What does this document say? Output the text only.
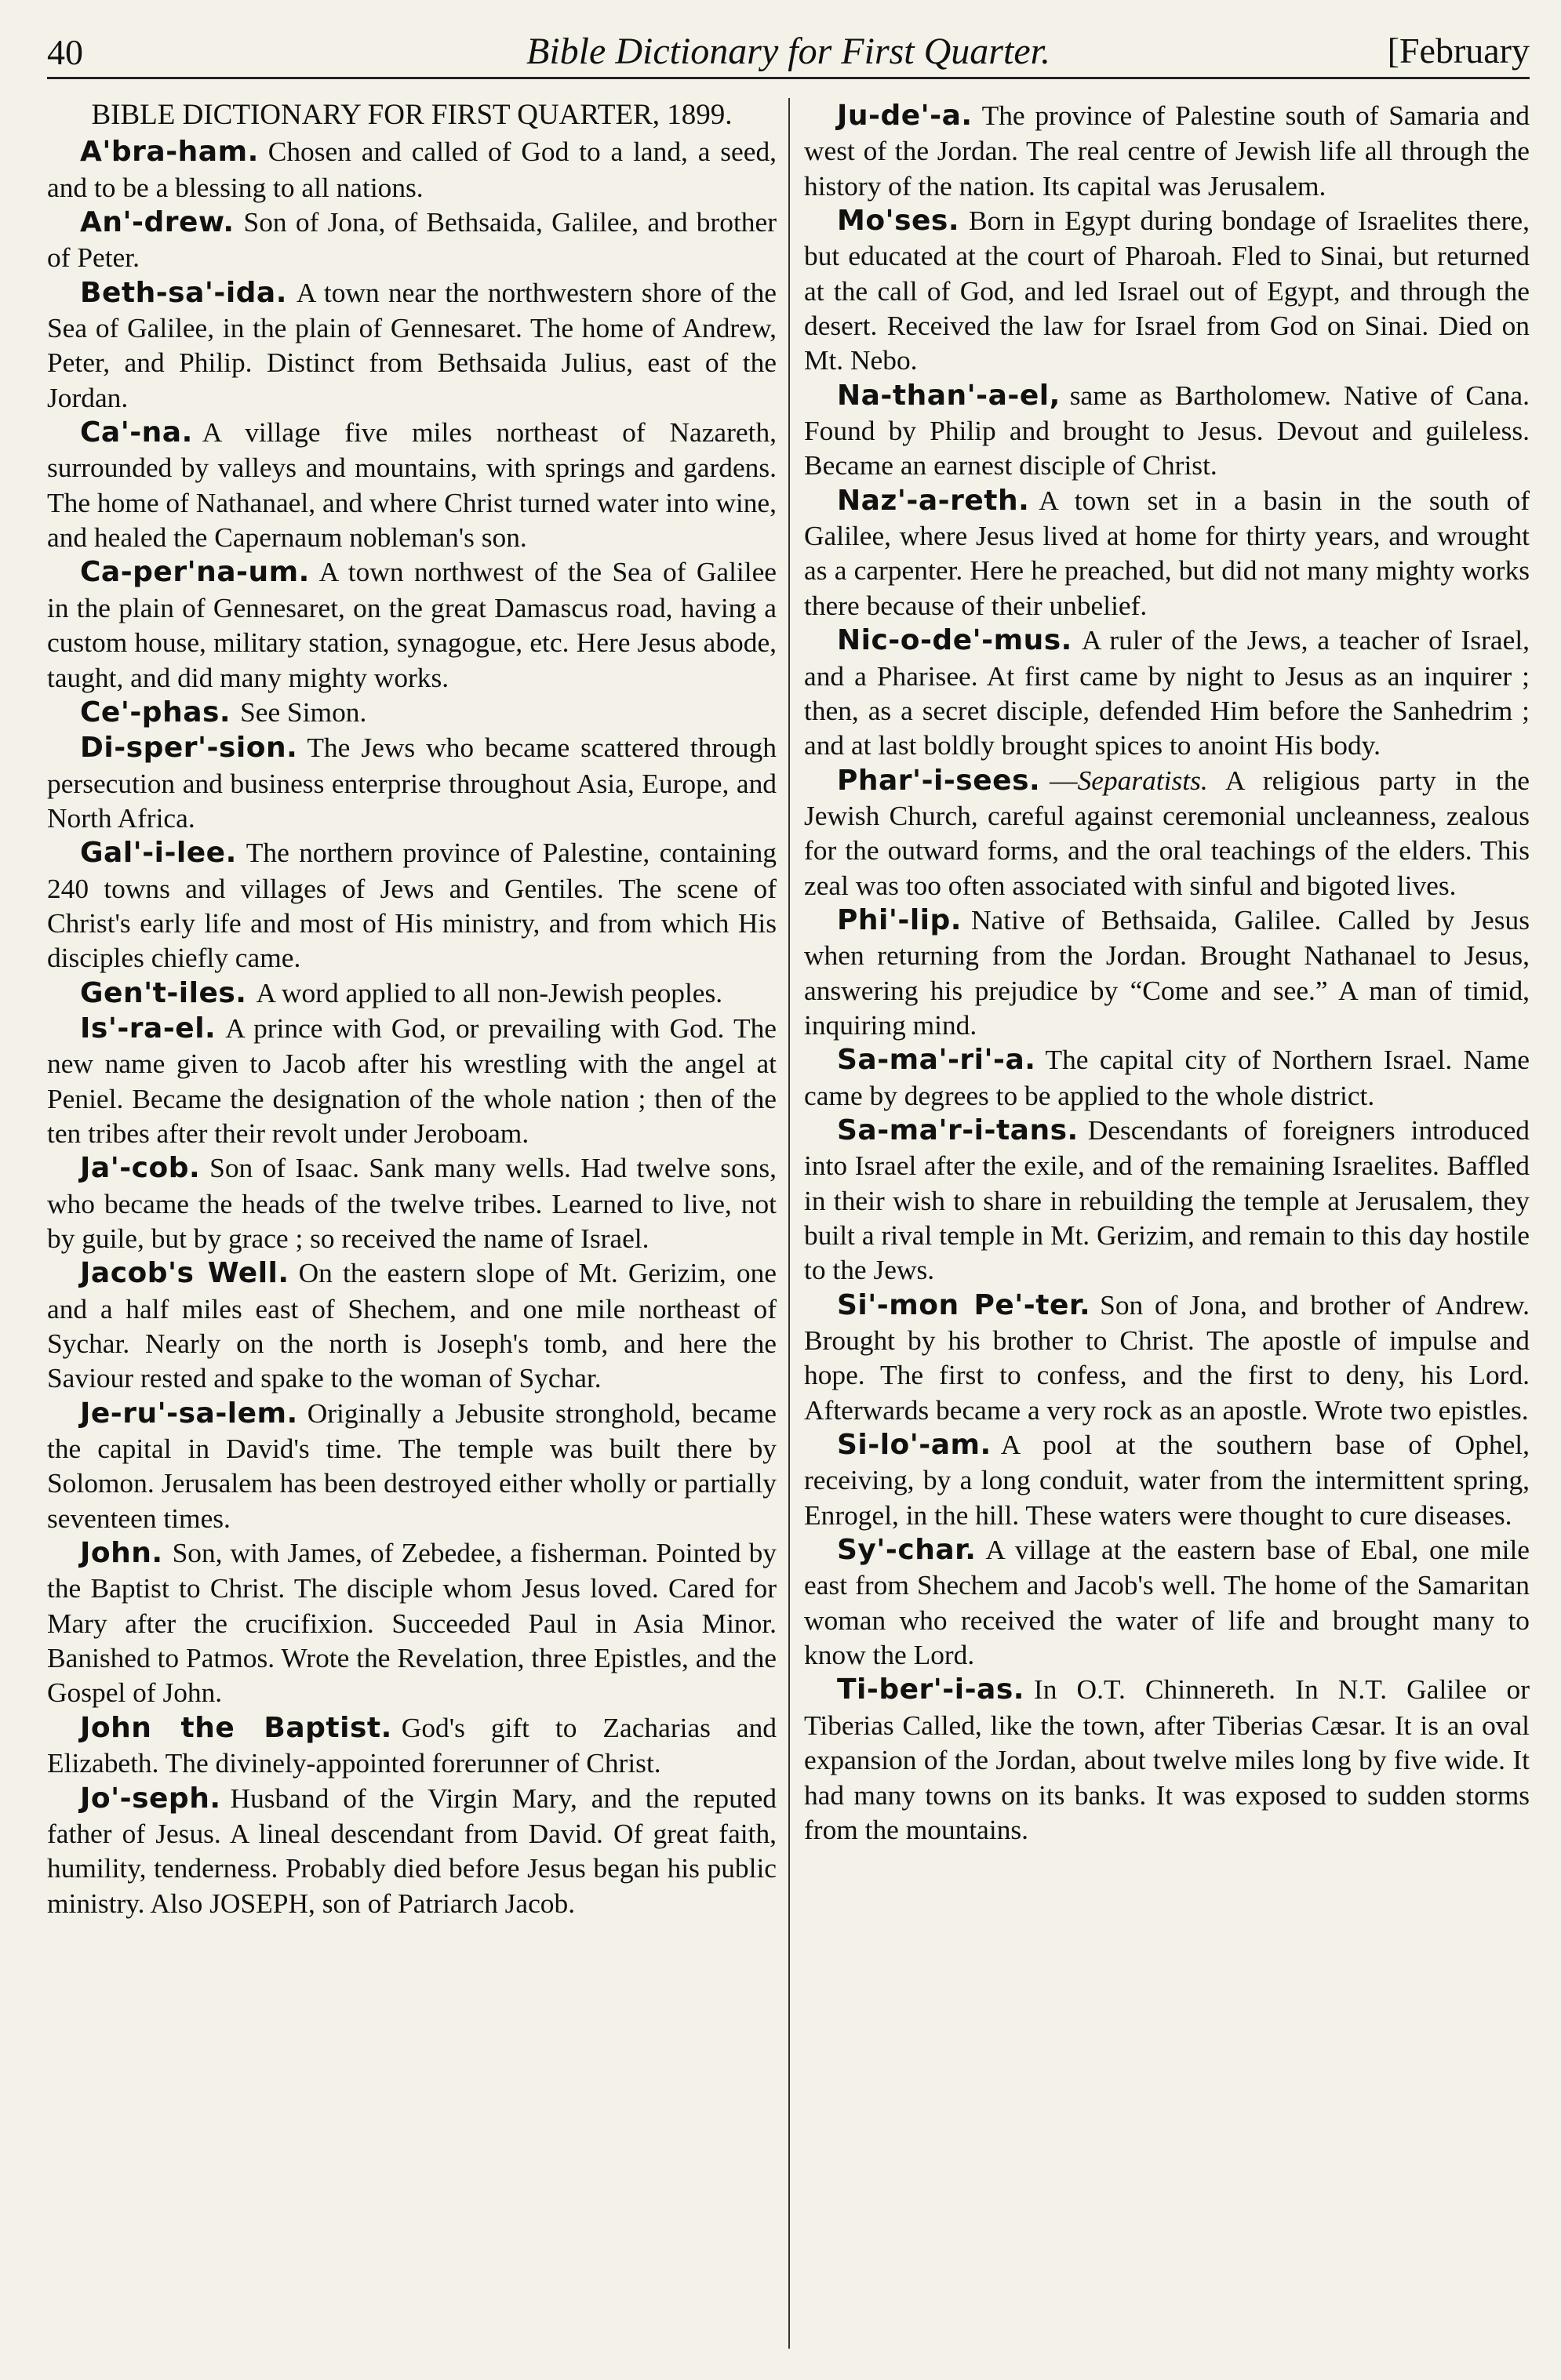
40	Bible Dictionary for First Quarter.	[February
BIBLE DICTIONARY FOR FIRST QUARTER, 1899.

A'bra-ham. Chosen and called of God to a land, a seed, and to be a blessing to all nations.

An'-drew. Son of Jona, of Bethsaida, Galilee, and brother of Peter.

Beth-sa'-ida. A town near the northwestern shore of the Sea of Galilee, in the plain of Gennesaret. The home of Andrew, Peter, and Philip. Distinct from Bethsaida Julius, east of the Jordan.

Ca'-na. A village five miles northeast of Nazareth, surrounded by valleys and mountains, with springs and gardens. The home of Nathanael, and where Christ turned water into wine, and healed the Capernaum nobleman's son.

Ca-per'na-um. A town northwest of the Sea of Galilee in the plain of Gennesaret, on the great Damascus road, having a custom house, military station, synagogue, etc. Here Jesus abode, taught, and did many mighty works.

Ce'-phas. See Simon.

Di-sper'-sion. The Jews who became scattered through persecution and business enterprise throughout Asia, Europe, and North Africa.

Gal'-i-lee. The northern province of Palestine, containing 240 towns and villages of Jews and Gentiles. The scene of Christ's early life and most of His ministry, and from which His disciples chiefly came.

Gen't-iles. A word applied to all non-Jewish peoples.

Is'-ra-el. A prince with God, or prevailing with God. The new name given to Jacob after his wrestling with the angel at Peniel. Became the designation of the whole nation ; then of the ten tribes after their revolt under Jeroboam.

Ja'-cob. Son of Isaac. Sank many wells. Had twelve sons, who became the heads of the twelve tribes. Learned to live, not by guile, but by grace ; so received the name of Israel.

Jacob's Well. On the eastern slope of Mt. Gerizim, one and a half miles east of Shechem, and one mile northeast of Sychar. Nearly on the north is Joseph's tomb, and here the Saviour rested and spake to the woman of Sychar.

Je-ru'-sa-lem. Originally a Jebusite stronghold, became the capital in David's time. The temple was built there by Solomon. Jerusalem has been destroyed either wholly or partially seventeen times.

John. Son, with James, of Zebedee, a fisherman. Pointed by the Baptist to Christ. The disciple whom Jesus loved. Cared for Mary after the crucifixion. Succeeded Paul in Asia Minor. Banished to Patmos. Wrote the Revelation, three Epistles, and the Gospel of John.

John the Baptist. God's gift to Zacharias and Elizabeth. The divinely-appointed forerunner of Christ.

Jo'-seph. Husband of the Virgin Mary, and the reputed father of Jesus. A lineal descendant from David. Of great faith, humility, tenderness. Probably died before Jesus began his public ministry. Also JOSEPH, son of Patriarch Jacob.

Ju-de'-a. The province of Palestine south of Samaria and west of the Jordan. The real centre of Jewish life all through the history of the nation. Its capital was Jerusalem.

Mo'ses. Born in Egypt during bondage of Israelites there, but educated at the court of Pharoah. Fled to Sinai, but returned at the call of God, and led Israel out of Egypt, and through the desert. Received the law for Israel from God on Sinai. Died on Mt. Nebo.

Na-than'-a-el, same as Bartholomew. Native of Cana. Found by Philip and brought to Jesus. Devout and guileless. Became an earnest disciple of Christ.

Naz'-a-reth. A town set in a basin in the south of Galilee, where Jesus lived at home for thirty years, and wrought as a carpenter. Here he preached, but did not many mighty works there because of their unbelief.

Nic-o-de'-mus. A ruler of the Jews, a teacher of Israel, and a Pharisee. At first came by night to Jesus as an inquirer ; then, as a secret disciple, defended Him before the Sanhedrim ; and at last boldly brought spices to anoint His body.

Phar'-i-sees. —Separatists. A religious party in the Jewish Church, careful against ceremonial uncleanness, zealous for the outward forms, and the oral teachings of the elders. This zeal was too often associated with sinful and bigoted lives.

Phi'-lip. Native of Bethsaida, Galilee. Called by Jesus when returning from the Jordan. Brought Nathanael to Jesus, answering his prejudice by “Come and see.” A man of timid, inquiring mind.

Sa-ma'-ri'-a. The capital city of Northern Israel. Name came by degrees to be applied to the whole district.

Sa-ma'r-i-tans. Descendants of foreigners introduced into Israel after the exile, and of the remaining Israelites. Baffled in their wish to share in rebuilding the temple at Jerusalem, they built a rival temple in Mt. Gerizim, and remain to this day hostile to the Jews.

Si'-mon Pe'-ter. Son of Jona, and brother of Andrew. Brought by his brother to Christ. The apostle of impulse and hope. The first to confess, and the first to deny, his Lord. Afterwards became a very rock as an apostle. Wrote two epistles.

Si-lo'-am. A pool at the southern base of Ophel, receiving, by a long conduit, water from the intermittent spring, Enrogel, in the hill. These waters were thought to cure diseases.

Sy'-char. A village at the eastern base of Ebal, one mile east from Shechem and Jacob's well. The home of the Samaritan woman who received the water of life and brought many to know the Lord.

Ti-ber'-i-as. In O.T. Chinnereth. In N.T. Galilee or Tiberias Called, like the town, after Tiberias Cæsar. It is an oval expansion of the Jordan, about twelve miles long by five wide. It had many towns on its banks. It was exposed to sudden storms from the mountains.
